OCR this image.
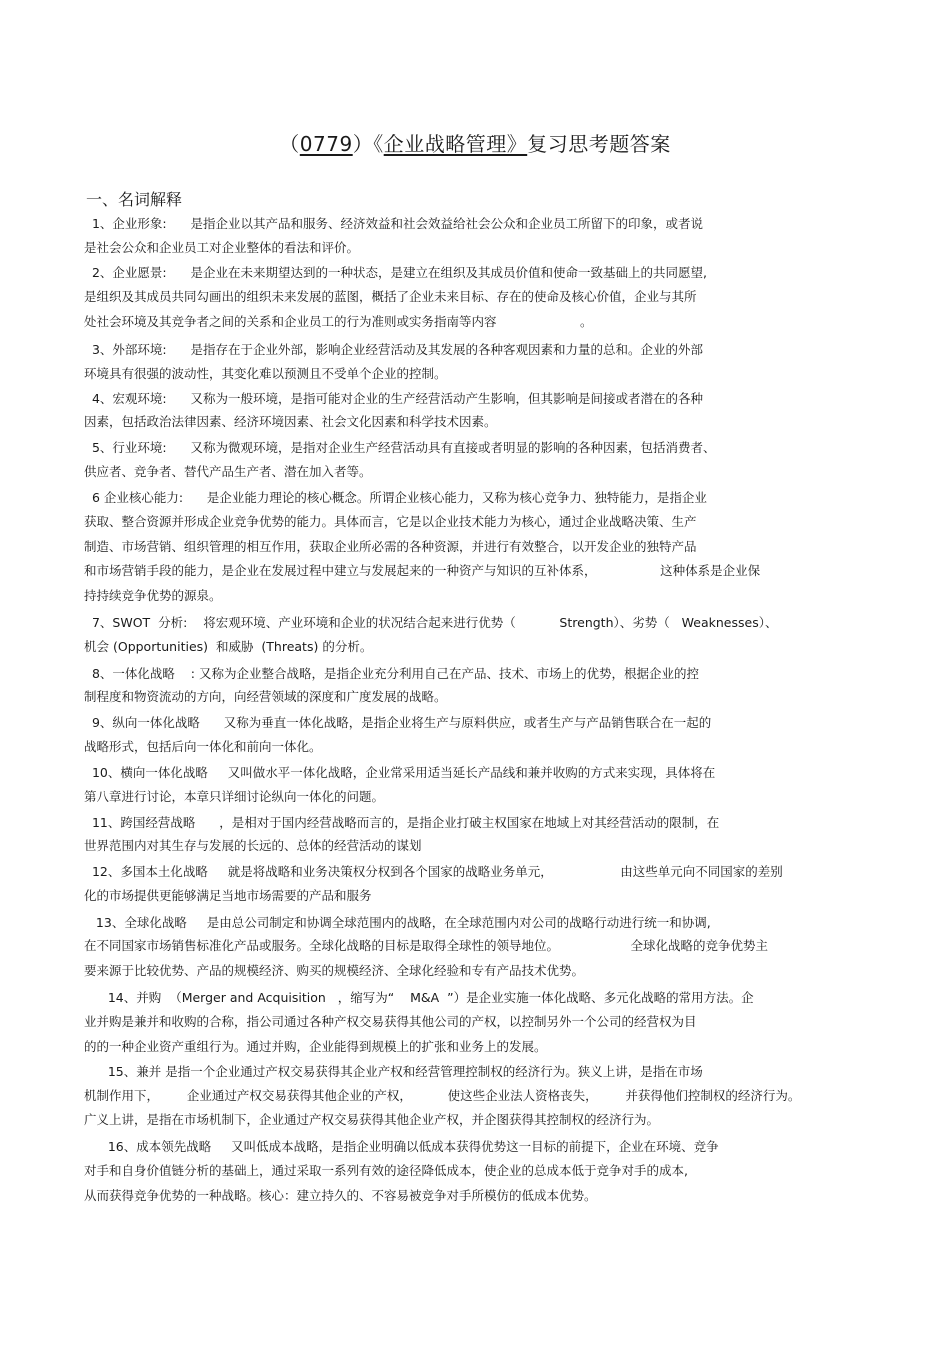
（0779）《企业战略管理》复习思考题答案
一、名词解释
1、企业形象:      是指企业以其产品和服务、经济效益和社会效益给社会公众和企业员工所留下的印象，或者说
是社会公众和企业员工对企业整体的看法和评价。
2、企业愿景:      是企业在未来期望达到的一种状态，是建立在组织及其成员价值和使命一致基础上的共同愿望,
是组织及其成员共同勾画出的组织未来发展的蓝图，概括了企业未来目标、存在的使命及核心价值，企业与其所
处社会环境及其竞争者之间的关系和企业员工的行为准则或实务指南等内容                     。
3、外部环境:      是指存在于企业外部，影响企业经营活动及其发展的各种客观因素和力量的总和。企业的外部
环境具有很强的波动性，其变化难以预测且不受单个企业的控制。
4、宏观环境:      又称为一般环境，是指可能对企业的生产经营活动产生影响，但其影响是间接或者潜在的各种
因素，包括政治法律因素、经济环境因素、社会文化因素和科学技术因素。
5、行业环境:      又称为微观环境，是指对企业生产经营活动具有直接或者明显的影响的各种因素，包括消费者、
供应者、竞争者、替代产品生产者、潜在加入者等。
6 企业核心能力:      是企业能力理论的核心概念。所谓企业核心能力，又称为核心竞争力、独特能力，是指企业
获取、整合资源并形成企业竞争优势的能力。具体而言，它是以企业技术能力为核心，通过企业战略决策、生产
制造、市场营销、组织管理的相互作用，获取企业所必需的各种资源，并进行有效整合，以开发企业的独特产品
和市场营销手段的能力，是企业在发展过程中建立与发展起来的一种资产与知识的互补体系，                这种体系是企业保
持持续竞争优势的源泉。
7、SWOT  分析:    将宏观环境、产业环境和企业的状况结合起来进行优势（           Strength）、劣势（   Weaknesses）、
机会 (Opportunities)  和威胁  (Threats) 的分析。
8、一体化战略    : 又称为企业整合战略，是指企业充分利用自己在产品、技术、市场上的优势，根据企业的控
制程度和物资流动的方向，向经营领域的深度和广度发展的战略。
9、纵向一体化战略      又称为垂直一体化战略，是指企业将生产与原料供应，或者生产与产品销售联合在一起的
战略形式，包括后向一体化和前向一体化。
10、横向一体化战略     又叫做水平一体化战略，企业常采用适当延长产品线和兼并收购的方式来实现，具体将在
第八章进行讨论，本章只详细讨论纵向一体化的问题。
11、跨国经营战略      ，是相对于国内经营战略而言的，是指企业打破主权国家在地域上对其经营活动的限制，在
世界范围内对其生存与发展的长远的、总体的经营活动的谋划
12、多国本土化战略     就是将战略和业务决策权分权到各个国家的战略业务单元，                 由这些单元向不同国家的差别
化的市场提供更能够满足当地市场需要的产品和服务
13、全球化战略     是由总公司制定和协调全球范围内的战略，在全球范围内对公司的战略行动进行统一和协调,
在不同国家市场销售标准化产品或服务。全球化战略的目标是取得全球性的领导地位。                  全球化战略的竞争优势主
要来源于比较优势、产品的规模经济、购买的规模经济、全球化经验和专有产品技术优势。
14、并购  （Merger and Acquisition   ，缩写为“    M&A  ”）是企业实施一体化战略、多元化战略的常用方法。企
业并购是兼并和收购的合称，指公司通过各种产权交易获得其他公司的产权，以控制另外一个公司的经营权为目
的的一种企业资产重组行为。通过并购，企业能得到规模上的扩张和业务上的发展。
15、兼并 是指一个企业通过产权交易获得其企业产权和经营管理控制权的经济行为。狭义上讲，是指在市场
机制作用下，       企业通过产权交易获得其他企业的产权，         使这些企业法人资格丧失，       并获得他们控制权的经济行为。
广义上讲，是指在市场机制下，企业通过产权交易获得其他企业产权，并企图获得其控制权的经济行为。
16、成本领先战略     又叫低成本战略，是指企业明确以低成本获得优势这一目标的前提下，企业在环境、竞争
对手和自身价值链分析的基础上，通过采取一系列有效的途径降低成本，使企业的总成本低于竞争对手的成本,
从而获得竞争优势的一种战略。核心：建立持久的、不容易被竞争对手所模仿的低成本优势。
